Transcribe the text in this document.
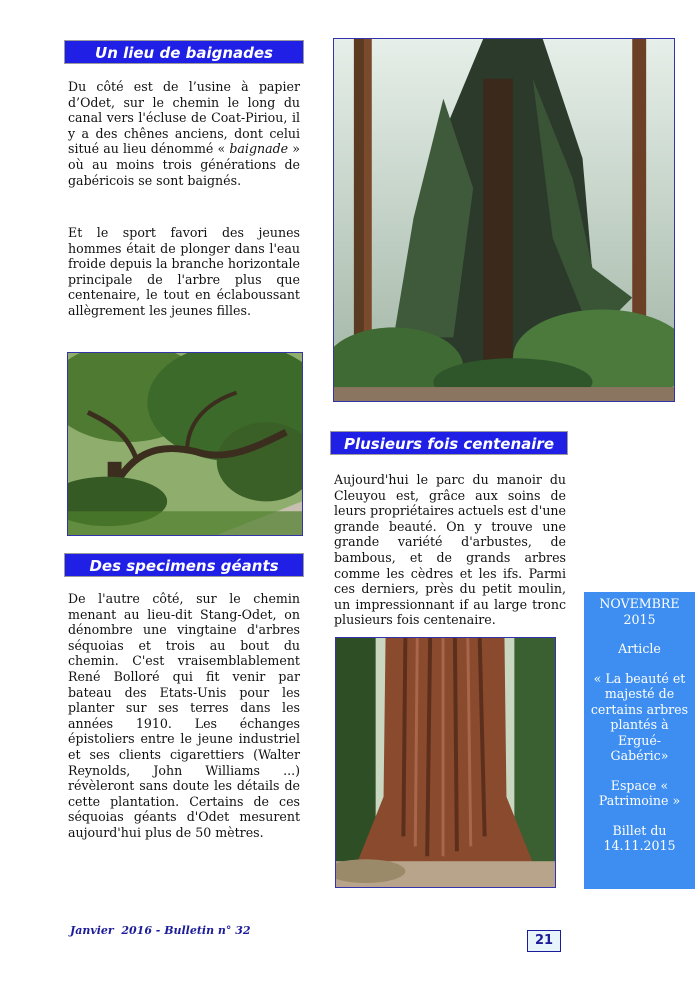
Un lieu de baignades

Du côté est de l’usine à papier d’Odet, sur le chemin le long du canal vers l'écluse de Coat-Piriou, il y a des chênes anciens, dont celui situé au lieu dénommé « baignade » où au moins trois générations de gabéricois se sont baignés.

Et le sport favori des jeunes hommes était de plonger dans l'eau froide depuis la branche horizontale principale de l'arbre plus que centenaire, le tout en éclaboussant allègrement les jeunes filles.

Des specimens géants

De l'autre côté, sur le chemin menant au lieu-dit Stang-Odet, on dénombre une vingtaine d'arbres séquoias et trois au bout du chemin. C'est vraisemblablement René Bolloré qui fit venir par bateau des Etats-Unis pour les planter sur ses terres dans les années 1910. Les échanges épistoliers entre le jeune industriel et ses clients cigarettiers (Walter Reynolds, John Williams ...) révèleront sans doute les détails de cette plantation. Certains de ces séquoias géants d'Odet mesurent aujourd'hui plus de 50 mètres.

Plusieurs fois centenaire

Aujourd'hui le parc du manoir du Cleuyou est, grâce aux soins de leurs propriétaires actuels est d'une grande beauté. On y trouve une grande variété d'arbustes, de bambous, et de grands arbres comme les cèdres et les ifs. Parmi ces derniers, près du petit moulin, un impressionnant if au large tronc plusieurs fois centenaire.

NOVEMBRE 2015
Article
« La beauté et majesté de certains arbres plantés à Ergué-Gabéric»
Espace « Patrimoine »
Billet du 14.11.2015
Janvier  2016 - Bulletin n° 32
21
